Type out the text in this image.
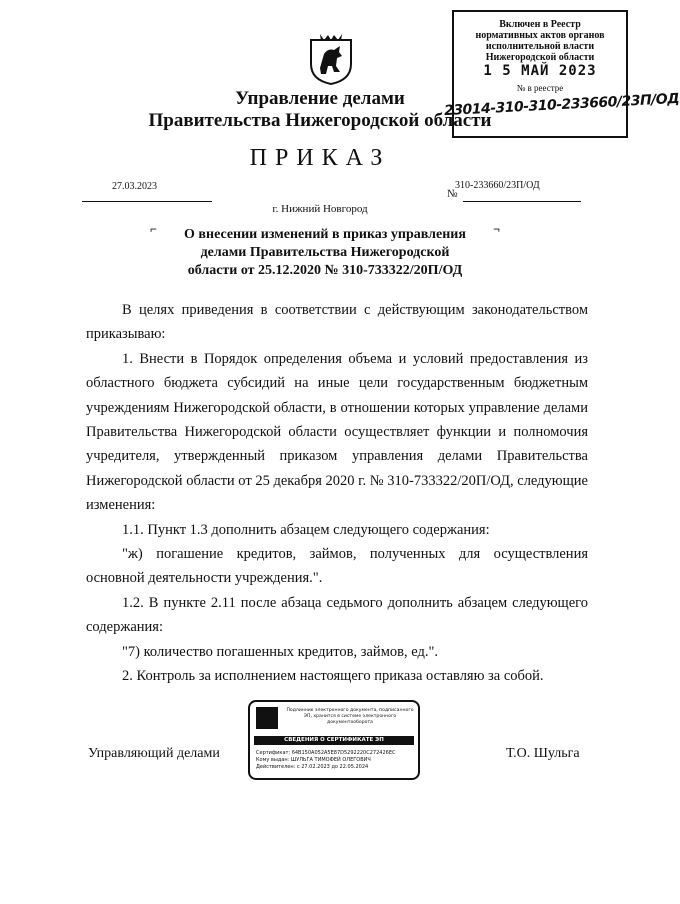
Включен в Реестр
нормативных актов органов
исполнительной власти
Нижегородской области
1 5 МАЙ 2023
№ в реестре
23014-310-310-233660/23П/ОД
Управление делами
Правительства Нижегородской области
ПРИКАЗ
27.03.2023	310-233660/23П/ОД
№
г. Нижний Новгород
⌐	¬
О внесении изменений в приказ управления
делами Правительства Нижегородской
области от 25.12.2020 № 310-733322/20П/ОД

В целях приведения в соответствии с действующим законодательством приказываю:

1. Внести в Порядок определения объема и условий предоставления из областного бюджета субсидий на иные цели государственным бюджетным учреждениям Нижегородской области, в отношении которых управление делами Правительства Нижегородской области осуществляет функции и полномочия учредителя, утвержденный приказом управления делами Правительства Нижегородской области от 25 декабря 2020 г. № 310-733322/20П/ОД, следующие изменения:

1.1. Пункт 1.3 дополнить абзацем следующего содержания:

"ж) погашение кредитов, займов, полученных для осуществления основной деятельности учреждения.".

1.2. В пункте 2.11 после абзаца седьмого дополнить абзацем следующего содержания:

"7) количество погашенных кредитов, займов, ед.".

2. Контроль за исполнением настоящего приказа оставляю за собой.

Подлинник электронного документа, подписанного ЭП, хранится в системе электронного документооборота
СВЕДЕНИЯ О СЕРТИФИКАТЕ ЭП
Сертификат: 64B150A052A5E87D5292220C272426EC
Кому выдан: ШУЛЬГА ТИМОФЕЙ ОЛЕГОВИЧ
Действителен: с 27.02.2023 до 22.05.2024
Управляющий делами	Т.О. Шульга
